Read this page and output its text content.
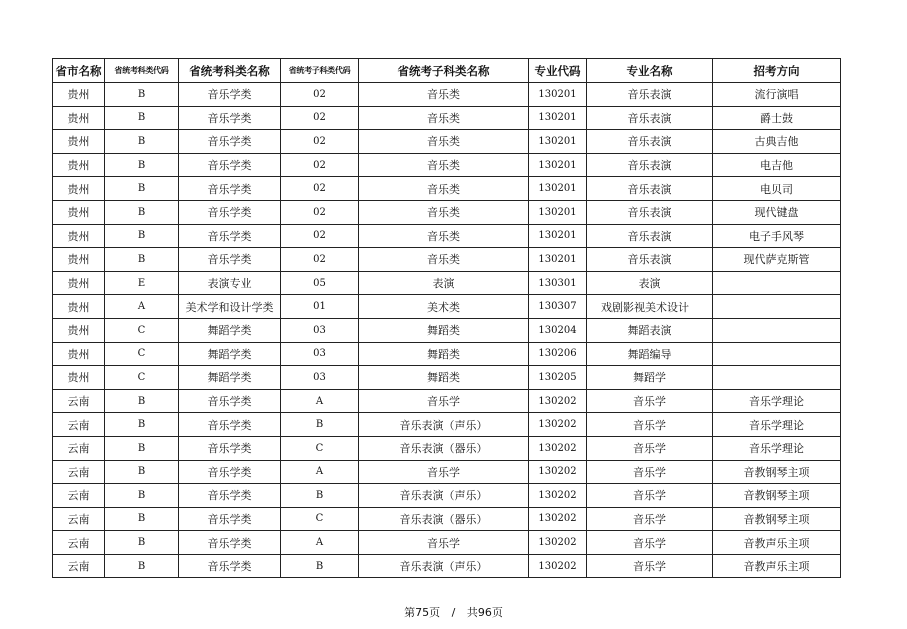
省市名称	省统考科类代码	省统考科类名称	省统考子科类代码	省统考子科类名称	专业代码	专业名称	招考方向
贵州	B	音乐学类	02	音乐类	130201	音乐表演	流行演唱
贵州	B	音乐学类	02	音乐类	130201	音乐表演	爵士鼓
贵州	B	音乐学类	02	音乐类	130201	音乐表演	古典吉他
贵州	B	音乐学类	02	音乐类	130201	音乐表演	电吉他
贵州	B	音乐学类	02	音乐类	130201	音乐表演	电贝司
贵州	B	音乐学类	02	音乐类	130201	音乐表演	现代键盘
贵州	B	音乐学类	02	音乐类	130201	音乐表演	电子手风琴
贵州	B	音乐学类	02	音乐类	130201	音乐表演	现代萨克斯管
贵州	E	表演专业	05	表演	130301	表演	
贵州	A	美术学和设计学类	01	美术类	130307	戏剧影视美术设计	
贵州	C	舞蹈学类	03	舞蹈类	130204	舞蹈表演	
贵州	C	舞蹈学类	03	舞蹈类	130206	舞蹈编导	
贵州	C	舞蹈学类	03	舞蹈类	130205	舞蹈学	
云南	B	音乐学类	A	音乐学	130202	音乐学	音乐学理论
云南	B	音乐学类	B	音乐表演（声乐）	130202	音乐学	音乐学理论
云南	B	音乐学类	C	音乐表演（器乐）	130202	音乐学	音乐学理论
云南	B	音乐学类	A	音乐学	130202	音乐学	音教钢琴主项
云南	B	音乐学类	B	音乐表演（声乐）	130202	音乐学	音教钢琴主项
云南	B	音乐学类	C	音乐表演（器乐）	130202	音乐学	音教钢琴主项
云南	B	音乐学类	A	音乐学	130202	音乐学	音教声乐主项
云南	B	音乐学类	B	音乐表演（声乐）	130202	音乐学	音教声乐主项
第75页 / 共96页
